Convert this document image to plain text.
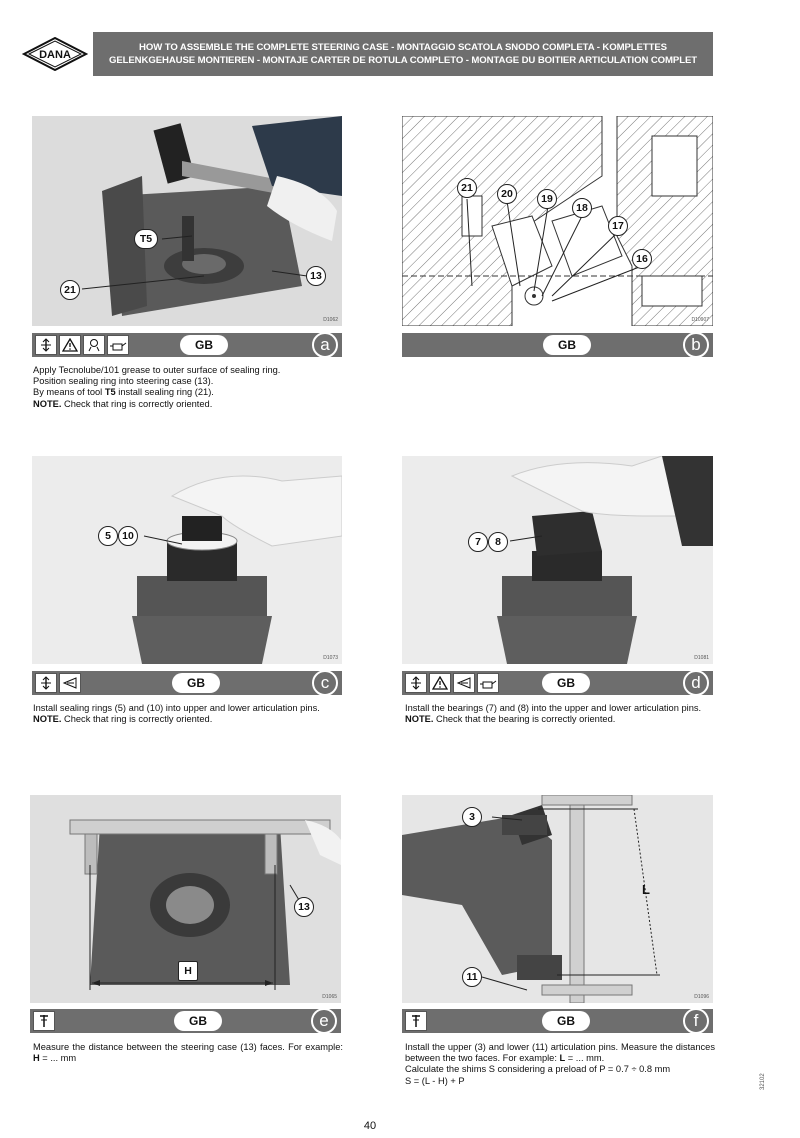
DANA
HOW TO ASSEMBLE THE COMPLETE STEERING CASE - MONTAGGIO SCATOLA SNODO COMPLETA - KOMPLETTES
GELENKGEHAUSE MONTIEREN - MONTAJE CARTER DE ROTULA COMPLETO - MONTAGE DU BOITIER ARTICULATION COMPLET
T5
21
13
D1062
GB	a

Apply Tecnolube/101 grease to outer surface of sealing ring.

Position sealing ring into steering case (13).

By means of tool T5 install sealing ring (21).

NOTE. Check that ring is correctly oriented.

21	20	19
18
17
16
D10907
GB	b
5	10
D1073
GB	c

Install sealing rings (5) and (10) into upper and lower articulation pins.

NOTE. Check that ring is correctly oriented.

7	8
D1081
GB	d

Install the bearings (7) and (8) into the upper and lower articulation pins.

NOTE. Check that the bearing is correctly oriented.

13
H
D1065
GB	e

Measure the distance between the steering case (13) faces. For example: H = ... mm

3
11
L
D1096
GB	f

Install the upper (3) and lower (11) articulation pins. Measure the distances between the two faces. For example: L = ... mm.

Calculate the shims S considering a preload of P = 0.7 ÷ 0.8 mm

S = (L - H) + P

40
32102
